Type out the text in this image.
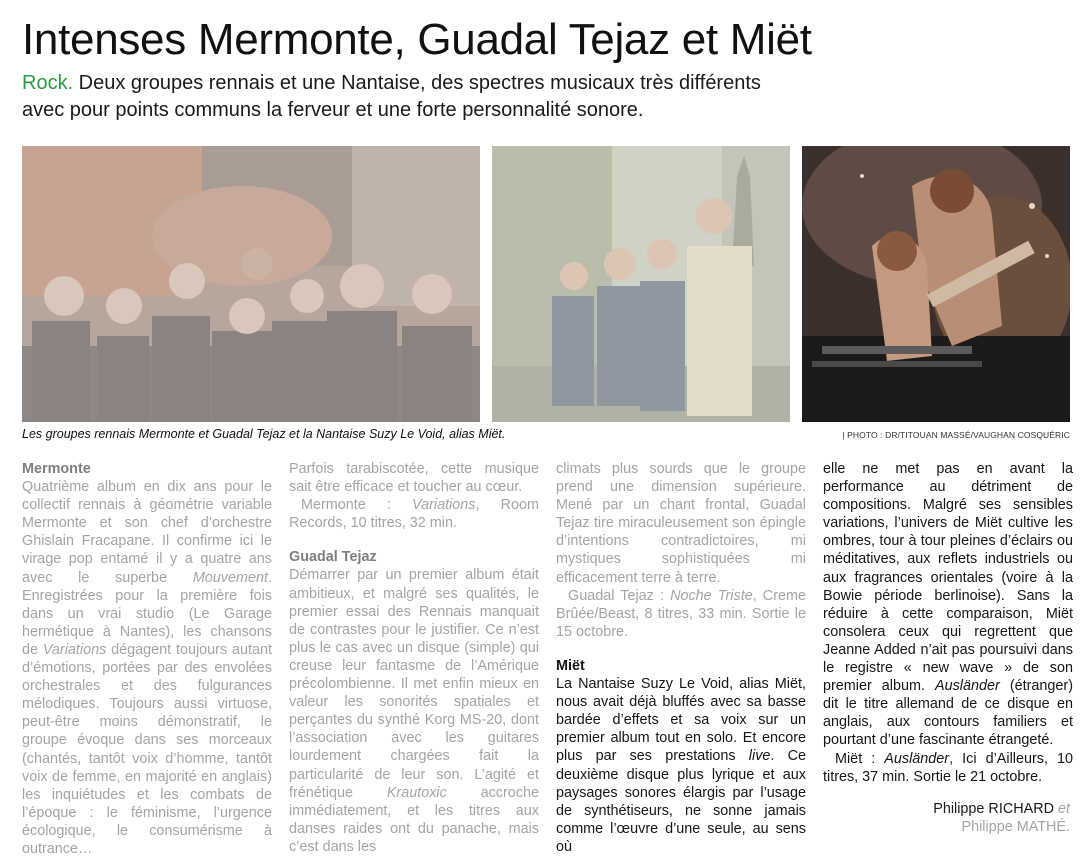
Intenses Mermonte, Guadal Tejaz et Miët

Rock. Deux groupes rennais et une Nantaise, des spectres musicaux très différents
avec pour points communs la ferveur et une forte personnalité sonore.

Les groupes rennais Mermonte et Guadal Tejaz et la Nantaise Suzy Le Void, alias Miët.	| PHOTO : DR/TITOUAN MASSÉ/VAUGHAN COSQUÉRIC
Mermonte

Quatrième album en dix ans pour le collectif rennais à géométrie variable Mermonte et son chef d’orchestre Ghislain Fracapane. Il confirme ici le virage pop entamé il y a quatre ans avec le superbe Mouvement. Enregistrées pour la première fois dans un vrai studio (Le Garage hermétique à Nantes), les chansons de Variations dégagent toujours autant d’émotions, portées par des envolées orchestrales et des fulgurances mélodiques. Toujours aussi virtuose, peut-être moins démonstratif, le groupe évoque dans ses morceaux (chantés, tantôt voix d’homme, tantôt voix de femme, en majorité en anglais) les inquiétudes et les combats de l’époque : le féminisme, l’urgence écologique, le consumérisme à outrance…

Parfois tarabiscotée, cette musique sait être efficace et toucher au cœur.

Mermonte : Variations, Room Records, 10 titres, 32 min.

Guadal Tejaz

Démarrer par un premier album était ambitieux, et malgré ses qualités, le premier essai des Rennais manquait de contrastes pour le justifier. Ce n’est plus le cas avec un disque (simple) qui creuse leur fantasme de l’Amérique précolombienne. Il met enfin mieux en valeur les sonorités spatiales et perçantes du synthé Korg MS-20, dont l’association avec les guitares lourdement chargées fait la particularité de leur son. L’agité et frénétique Krautoxic accroche immédiatement, et les titres aux danses raides ont du panache, mais c’est dans les

climats plus sourds que le groupe prend une dimension supérieure. Mené par un chant frontal, Guadal Tejaz tire miraculeusement son épingle d’intentions contradictoires, mi mystiques sophistiquées mi efficacement terre à terre.

Guadal Tejaz : Noche Triste, Creme Brûée/Beast, 8 titres, 33 min. Sortie le 15 octobre.

Miët

La Nantaise Suzy Le Void, alias Miët, nous avait déjà bluffés avec sa basse bardée d’effets et sa voix sur un premier album tout en solo. Et encore plus par ses prestations live. Ce deuxième disque plus lyrique et aux paysages sonores élargis par l’usage de synthétiseurs, ne sonne jamais comme l’œuvre d’une seule, au sens où

elle ne met pas en avant la performance au détriment de compositions. Malgré ses sensibles variations, l’univers de Miët cultive les ombres, tour à tour pleines d’éclairs ou méditatives, aux reflets industriels ou aux fragrances orientales (voire à la Bowie période berlinoise). Sans la réduire à cette comparaison, Miët consolera ceux qui regrettent que Jeanne Added n’ait pas poursuivi dans le registre « new wave » de son premier album. Ausländer (étranger) dit le titre allemand de ce disque en anglais, aux contours familiers et pourtant d’une fascinante étrangeté.

Miët : Ausländer, Ici d’Ailleurs, 10 titres, 37 min. Sortie le 21 octobre.

Philippe RICHARD et
Philippe MATHÉ.
